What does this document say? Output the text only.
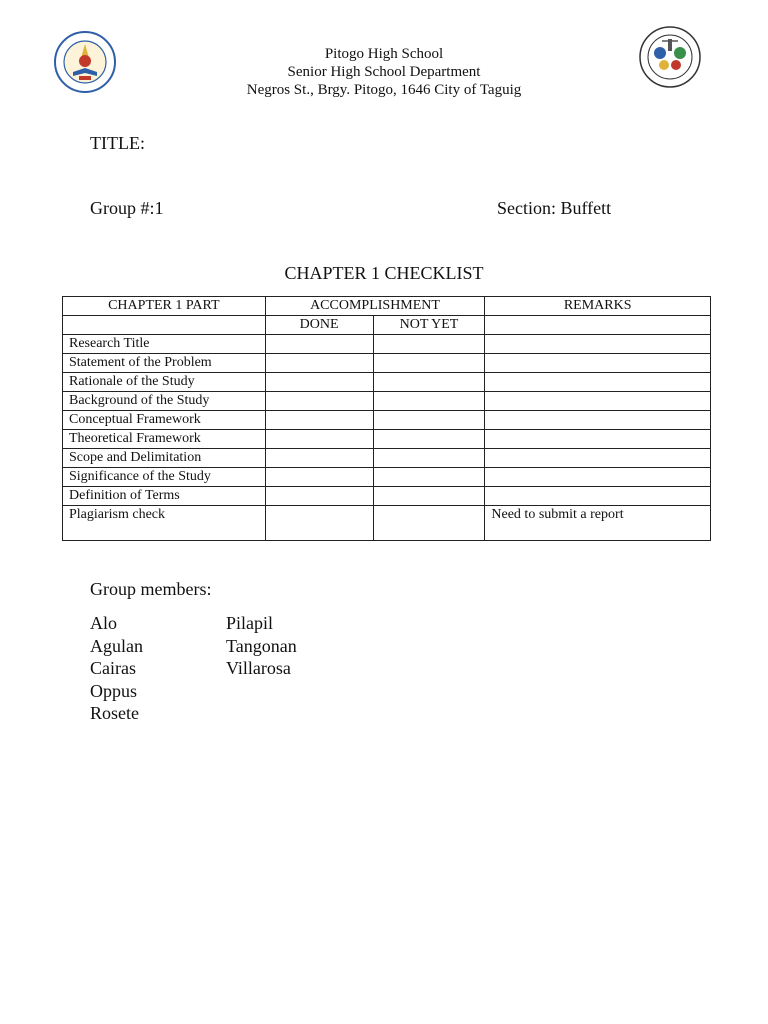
Pitogo High School
Senior High School Department
Negros St., Brgy. Pitogo, 1646 City of Taguig
TITLE:
Group #:1	Section: Buffett
CHAPTER 1 CHECKLIST
CHAPTER 1 PART	ACCOMPLISHMENT		REMARKS
	DONE	NOT YET	
Research Title			
Statement of the Problem			
Rationale of the Study			
Background of the Study			
Conceptual Framework			
Theoretical Framework			
Scope and Delimitation			
Significance of the Study			
Definition of Terms			
Plagiarism check			Need to submit a report
Group members:
Alo
Agulan
Cairas
Oppus
Rosete
Pilapil
Tangonan
Villarosa
